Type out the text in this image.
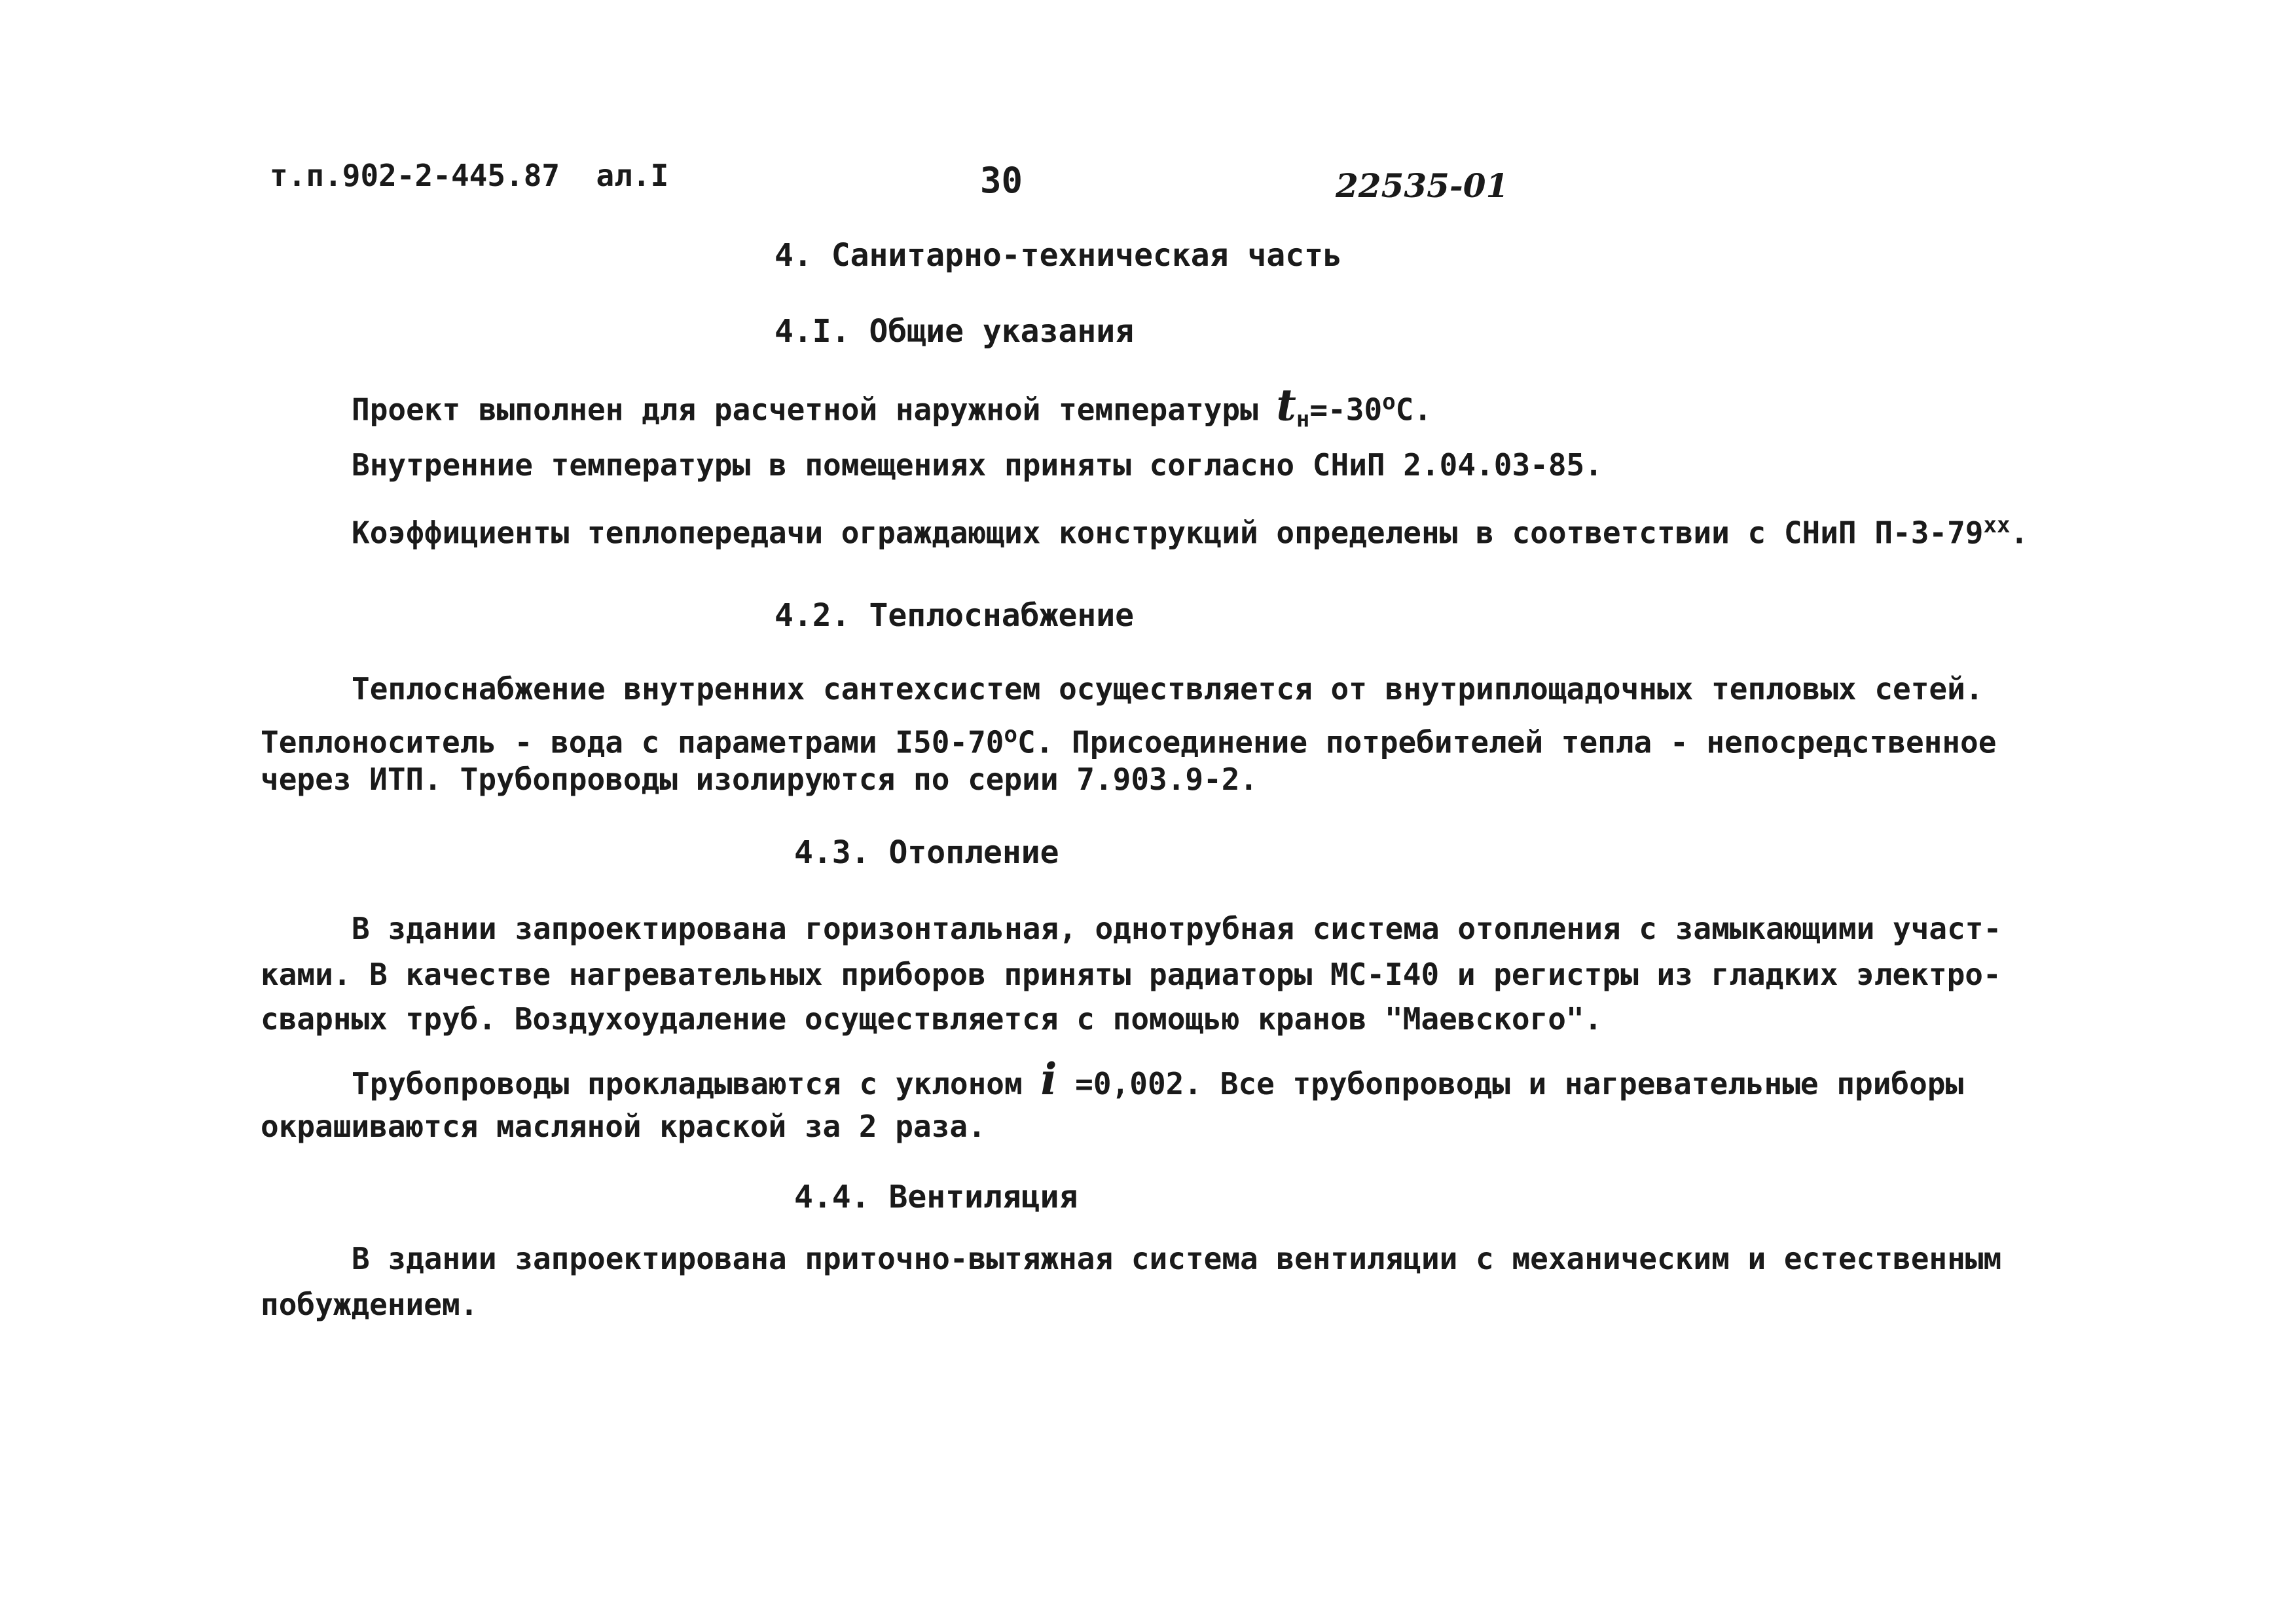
т.п.902-2-445.87  ал.I	30	22535-01
4. Санитарно-техническая часть
4.I. Общие указания
Проект выполнен для расчетной наружной температуры $t_н=-30^оС$.
Внутренние температуры в помещениях приняты согласно СНиП 2.04.03-85.
Коэффициенты теплопередачи ограждающих конструкций определены в соответствии с СНиП $П-3-79^{хх}$.
4.2. Теплоснабжение
Теплоснабжение внутренних сантехсистем осуществляется от внутриплощадочных тепловых сетей.
Теплоноситель - вода с параметрами $I50-70^оС$. Присоединение потребителей тепла - непосредственное
через ИТП. Трубопроводы изолируются по серии 7.903.9-2.
4.3. Отопление
В здании запроектирована горизонтальная, однотрубная система отопления с замыкающими участ-
ками. В качестве нагревательных приборов приняты радиаторы МС-I40 и регистры из гладких электро-
сварных труб. Воздухоудаление осуществляется с помощью кранов "Маевского".
Трубопроводы прокладываются с уклоном i =0,002. Все трубопроводы и нагревательные приборы
окрашиваются масляной краской за 2 раза.
4.4. Вентиляция
В здании запроектирована приточно-вытяжная система вентиляции с механическим и естественным
побуждением.
